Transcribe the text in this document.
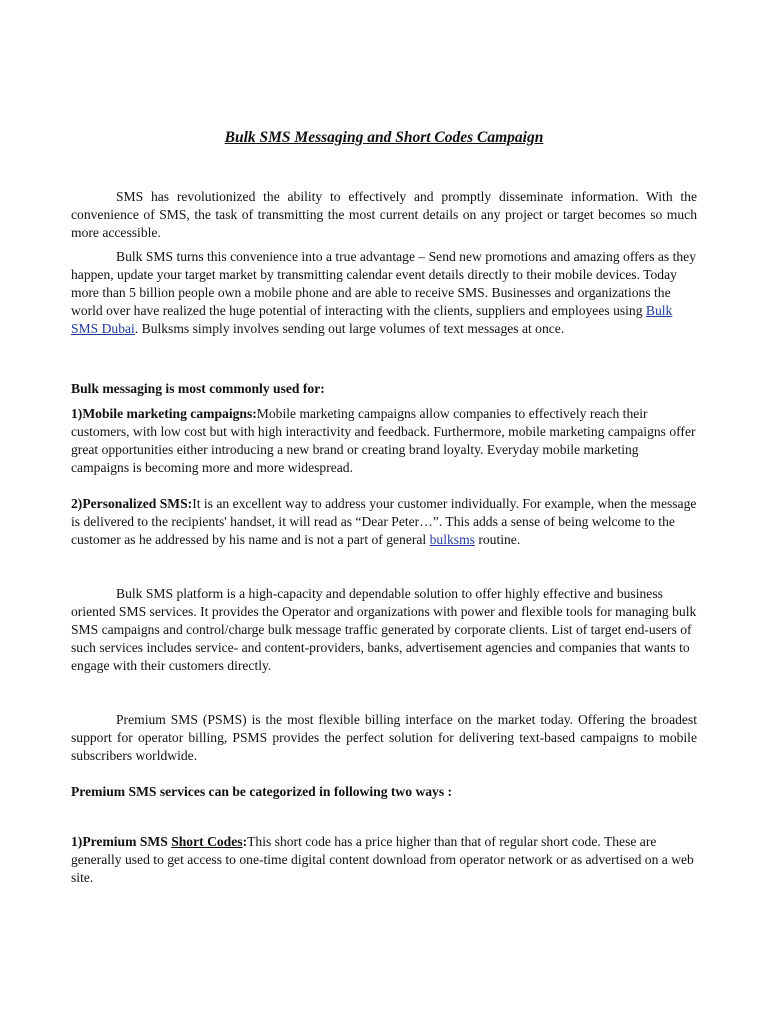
Bulk SMS Messaging and Short Codes Campaign

SMS has revolutionized the ability to effectively and promptly disseminate information. With the convenience of SMS, the task of transmitting the most current details on any project or target becomes so much more accessible.

Bulk SMS turns this convenience into a true advantage – Send new promotions and amazing offers as they happen, update your target market by transmitting calendar event details directly to their mobile devices. Today more than 5 billion people own a mobile phone and are able to receive SMS. Businesses and organizations the world over have realized the huge potential of interacting with the clients, suppliers and employees using Bulk SMS Dubai. Bulksms simply involves sending out large volumes of text messages at once.

Bulk messaging is most commonly used for:

1)Mobile marketing campaigns:Mobile marketing campaigns allow companies to effectively reach their customers, with low cost but with high interactivity and feedback. Furthermore, mobile marketing campaigns offer great opportunities either introducing a new brand or creating brand loyalty. Everyday mobile marketing campaigns is becoming more and more widespread.

2)Personalized SMS:It is an excellent way to address your customer individually. For example, when the message is delivered to the recipients' handset, it will read as “Dear Peter…”. This adds a sense of being welcome to the customer as he addressed by his name and is not a part of general bulksms routine.

Bulk SMS platform is a high-capacity and dependable solution to offer highly effective and business oriented SMS services. It provides the Operator and organizations with power and flexible tools for managing bulk SMS campaigns and control/charge bulk message traffic generated by corporate clients. List of target end-users of such services includes service- and content-providers, banks, advertisement agencies and companies that wants to engage with their customers directly.

Premium SMS (PSMS) is the most flexible billing interface on the market today. Offering the broadest support for operator billing, PSMS provides the perfect solution for delivering text-based campaigns to mobile subscribers worldwide.

Premium SMS services can be categorized in following two ways :

1)Premium SMS Short Codes:This short code has a price higher than that of regular short code. These are generally used to get access to one-time digital content download from operator network or as advertised on a web site.
